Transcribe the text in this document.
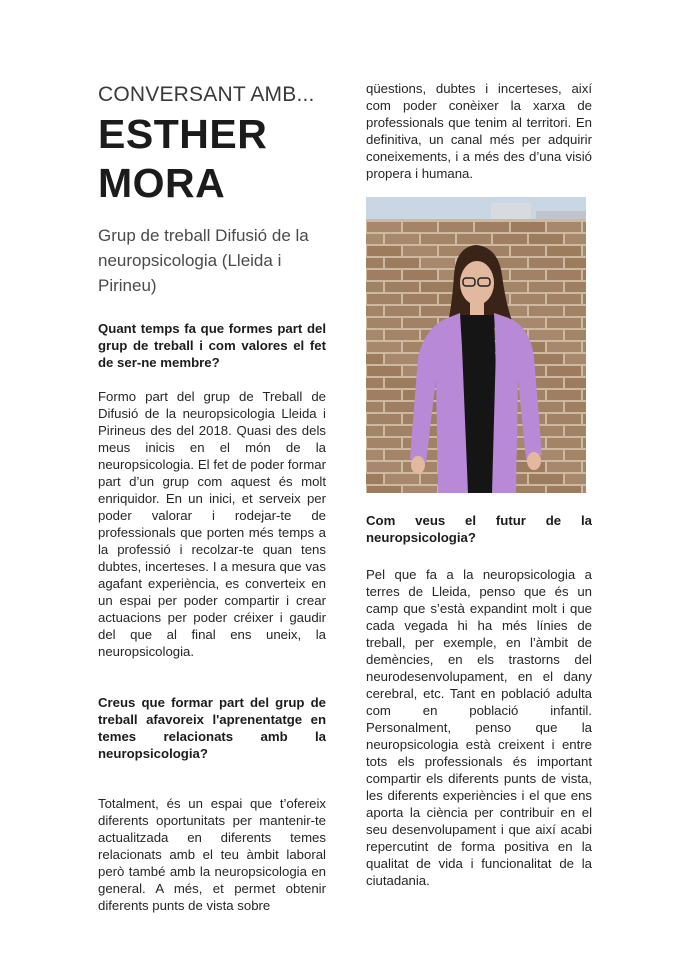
CONVERSANT AMB...
ESTHER
MORA
Grup de treball Difusió de la neuropsicologia (Lleida i Pirineu)

Quant temps fa que formes part del grup de treball i com valores el fet de ser-ne membre?

Formo part del grup de Treball de Difusió de la neuropsicologia Lleida i Pirineus des del 2018. Quasi des dels meus inicis en el món de la neuropsicologia. El fet de poder formar part d’un grup com aquest és molt enriquidor. En un inici, et serveix per poder valorar i rodejar-te de professionals que porten més temps a la professió i recolzar-te quan tens dubtes, incerteses. I a mesura que vas agafant experiència, es converteix en un espai per poder compartir i crear actuacions per poder créixer i gaudir del que al final ens uneix, la neuropsicologia.

Creus que formar part del grup de treball afavoreix l'aprenentatge en temes relacionats amb la neuropsicologia?

Totalment, és un espai que t’ofereix diferents oportunitats per mantenir-te actualitzada en diferents temes relacionats amb el teu àmbit laboral però també amb la neuropsicologia en general. A més, et permet obtenir diferents punts de vista sobre

qüestions, dubtes i incerteses, així com poder conèixer la xarxa de professionals que tenim al territori. En definitiva, un canal més per adquirir coneixements, i a més des d’una visió propera i humana.

Com veus el futur de la neuropsicologia?

Pel que fa a la neuropsicologia a terres de Lleida, penso que és un camp que s’està expandint molt i que cada vegada hi ha més línies de treball, per exemple, en l’àmbit de demències, en els trastorns del neurodesenvolupament, en el dany cerebral, etc. Tant en població adulta com en població infantil. Personalment, penso que la neuropsicologia està creixent i entre tots els professionals és important compartir els diferents punts de vista, les diferents experiències i el que ens aporta la ciència per contribuir en el seu desenvolupament i que així acabi repercutint de forma positiva en la qualitat de vida i funcionalitat de la ciutadania.
